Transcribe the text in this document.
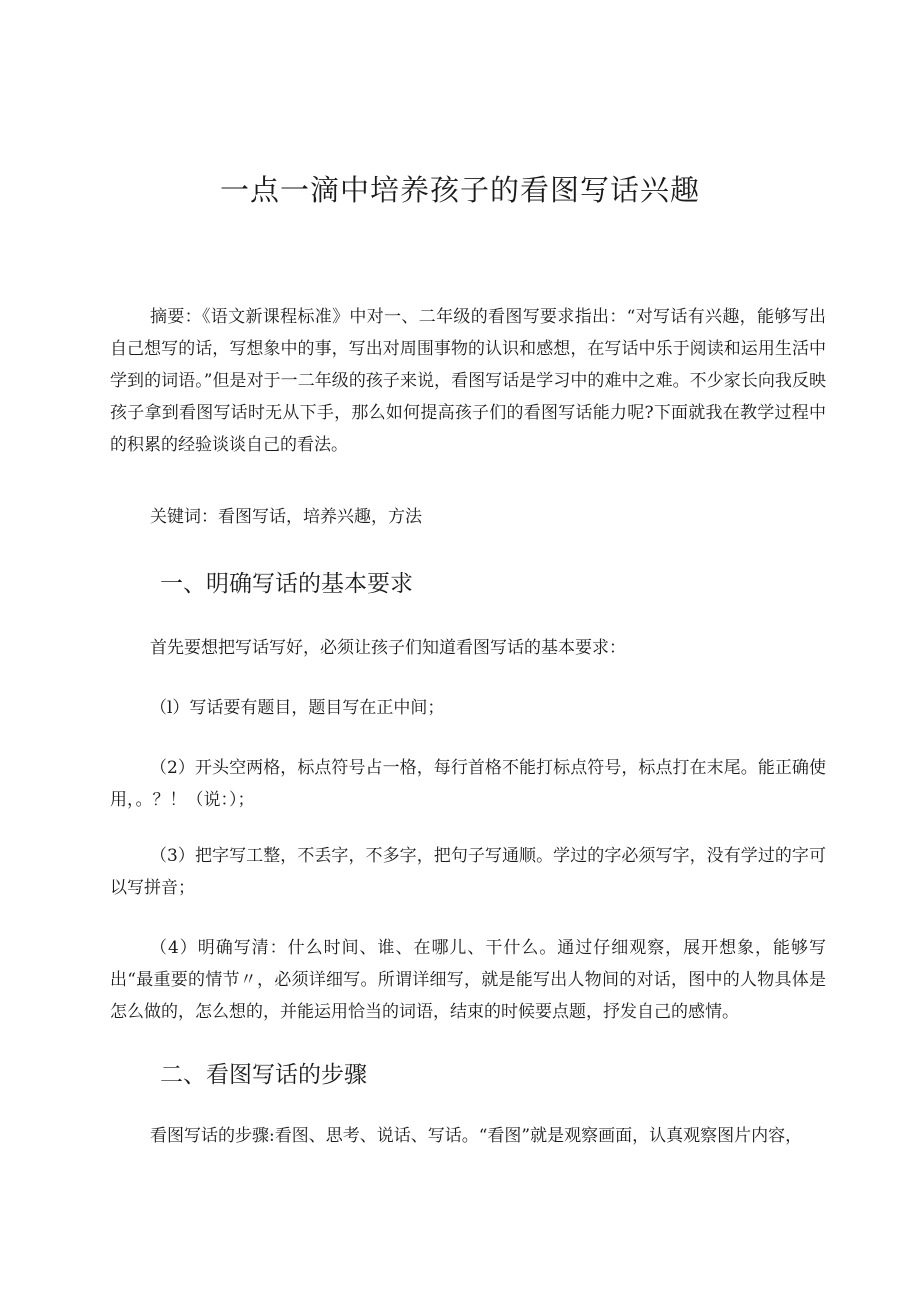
一点一滴中培养孩子的看图写话兴趣

摘要：《语文新课程标准》中对一、二年级的看图写要求指出：“对写话有兴趣，能够写出自己想写的话，写想象中的事，写出对周围事物的认识和感想，在写话中乐于阅读和运用生活中学到的词语。”但是对于一二年级的孩子来说，看图写话是学习中的难中之难。不少家长向我反映孩子拿到看图写话时无从下手，那么如何提高孩子们的看图写话能力呢?下面就我在教学过程中的积累的经验谈谈自己的看法。

关键词：看图写话，培养兴趣，方法

一、明确写话的基本要求

首先要想把写话写好，必须让孩子们知道看图写话的基本要求：

（l）写话要有题目，题目写在正中间；

（2）开头空两格，标点符号占一格，每行首格不能打标点符号，标点打在末尾。能正确使用，。？！（说：）；

（3）把字写工整，不丢字，不多字，把句子写通顺。学过的字必须写字，没有学过的字可以写拼音；

（4）明确写清：什么时间、谁、在哪儿、干什么。通过仔细观察，展开想象，能够写出“最重要的情节〃，必须详细写。所谓详细写，就是能写出人物间的对话，图中的人物具体是怎么做的，怎么想的，并能运用恰当的词语，结束的时候要点题，抒发自己的感情。

二、看图写话的步骤

看图写话的步骤:看图、思考、说话、写话。“看图”就是观察画面，认真观察图片内容，
